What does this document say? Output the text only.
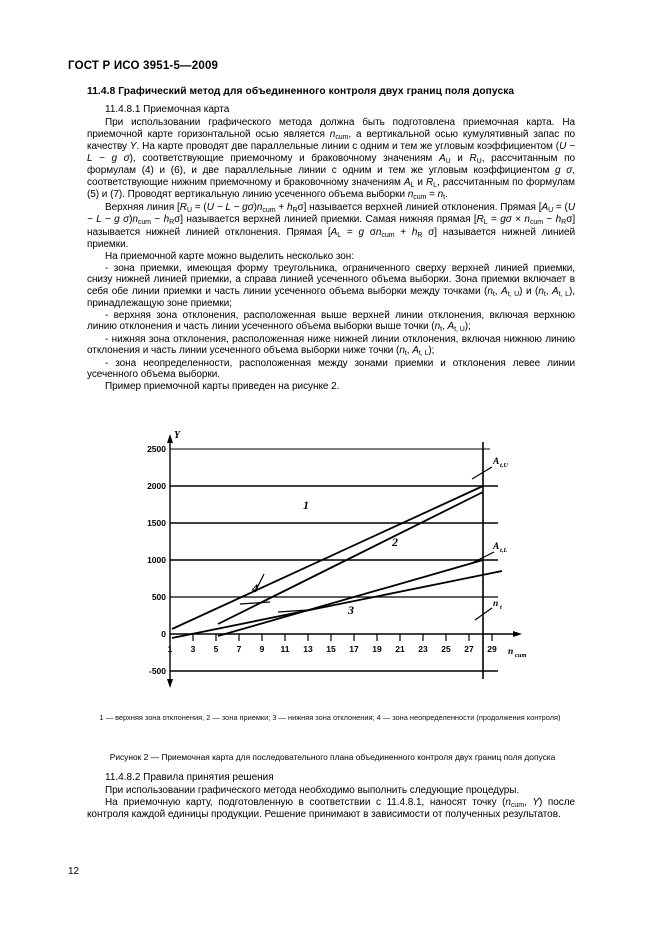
ГОСТ Р ИСО 3951-5—2009
11.4.8 Графический метод для объединенного контроля двух границ поля допуска
11.4.8.1 Приемочная карта

При использовании графического метода должна быть подготовлена приемочная карта. На приемочной карте горизонтальной осью является $n_{cum}$, а вертикальной осью кумулятивный запас по качеству Y. На карте проводят две параллельные линии с одним и тем же угловым коэффициентом (U − L − g σ), соответствующие приемочному и браковочному значениям $A_U$ и $R_U$, рассчитанным по формулам (4) и (6), и две параллельные линии с одним и тем же угловым коэффициентом g σ, соответствующие нижним приемочному и браковочному значениям $A_L$ и $R_L$, рассчитанным по формулам (5) и (7). Проводят вертикальную линию усеченного объема выборки $n_{cum} = n_t$.

Верхняя линия $[R_U = (U - L - g\sigma)n_{cum} + h_R\sigma]$ называется верхней линией отклонения. Прямая [$A_U = (U - L - g$ $\sigma)n_{cum} - h_R\sigma$] называется верхней линией приемки. Самая нижняя прямая $[R_L = g\sigma \times n_{cum} - h_R\sigma]$ называется нижней линией отклонения. Прямая [$A_L = g$ $\sigma n_{cum} + h_R$ σ] называется нижней линией приемки.

На приемочной карте можно выделить несколько зон:

- зона приемки, имеющая форму треугольника, ограниченного сверху верхней линией приемки, снизу нижней линией приемки, а справа линией усеченного объема выборки. Зона приемки включает в себя обе линии приемки и часть линии усеченного объема выборки между точками ($n_t$, $A_{t, U}$) и ($n_t$, $A_{t, L}$), принадлежащую зоне приемки;

- верхняя зона отклонения, расположенная выше верхней линии отклонения, включая верхнюю линию отклонения и часть линии усеченного объема выборки выше точки ($n_t$, $A_{t, U}$);

- нижняя зона отклонения, расположенная ниже нижней линии отклонения, включая нижнюю линию отклонения и часть линии усеченного объема выборки ниже точки ($n_t$, $A_{t, L}$);

- зона неопределенности, расположенная между зонами приемки и отклонения левее линии усеченного объема выборки.

Пример приемочной карты приведен на рисунке 2.

1
2
3
4
2500
2000
1500
1000
500
0
-500
1 3 5 7 9 11 13 15 17 19 21 23 25 27 29
Y
n cum
A t,U
A t,L
n t
1 — верхняя зона отклонения, 2 — зона приемки; 3 — нижняя зона отклонения; 4 — зона неопределенности (продолжения контроля)
Рисунок 2 — Приемочная карта для последовательного плана объединенного контроля двух границ поля допуска
11.4.8.2 Правила принятия решения

При использовании графического метода необходимо выполнить следующие процедуры.

На приемочную карту, подготовленную в соответствии с 11.4.8.1, наносят точку ($n_{cum}$, Y) после контроля каждой единицы продукции. Решение принимают в зависимости от полученных результатов.

12
